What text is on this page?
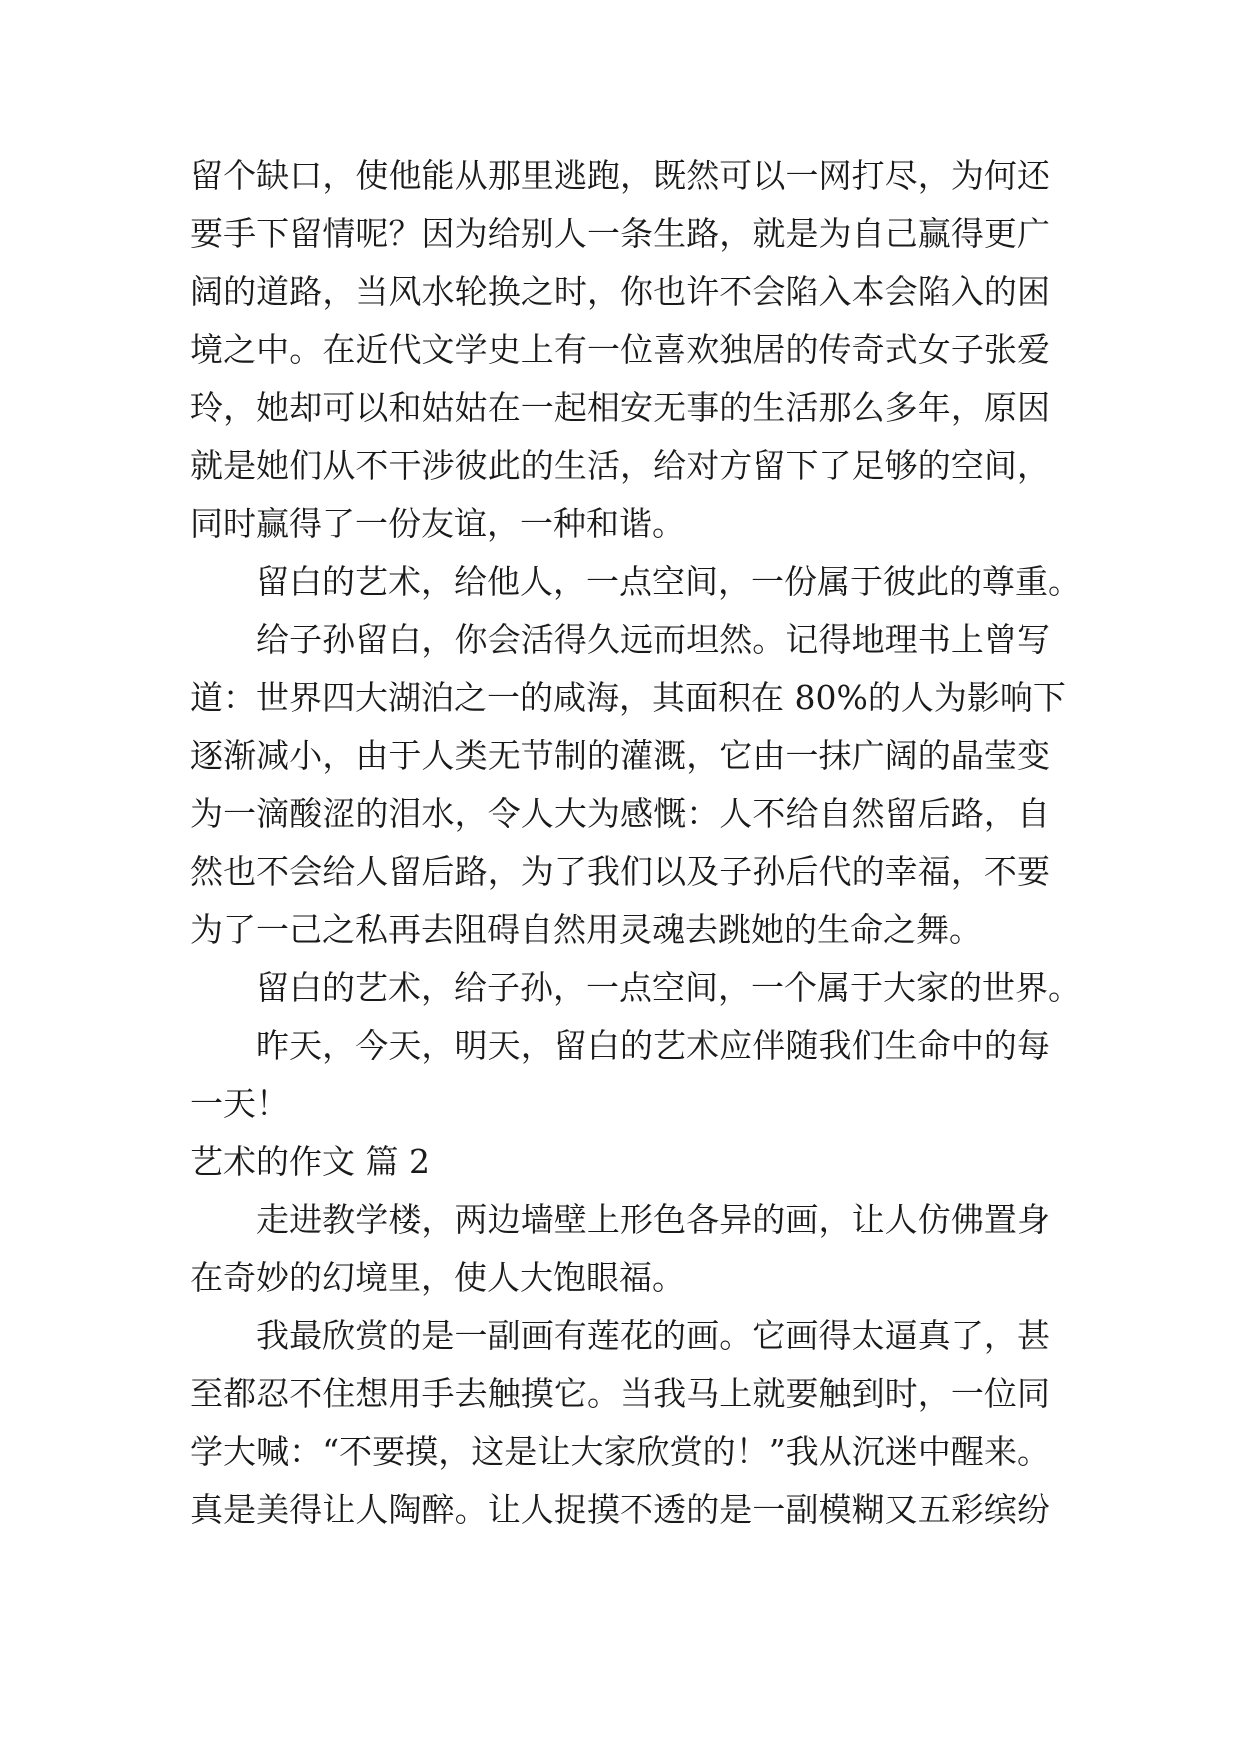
留个缺口，使他能从那里逃跑，既然可以一网打尽，为何还
要手下留情呢？因为给别人一条生路，就是为自己赢得更广
阔的道路，当风水轮换之时，你也许不会陷入本会陷入的困
境之中。在近代文学史上有一位喜欢独居的传奇式女子张爱
玲，她却可以和姑姑在一起相安无事的生活那么多年，原因
就是她们从不干涉彼此的生活，给对方留下了足够的空间，
同时赢得了一份友谊，一种和谐。
留白的艺术，给他人，一点空间，一份属于彼此的尊重。
给子孙留白，你会活得久远而坦然。记得地理书上曾写
道：世界四大湖泊之一的咸海，其面积在 80%的人为影响下
逐渐减小，由于人类无节制的灌溉，它由一抹广阔的晶莹变
为一滴酸涩的泪水，令人大为感慨：人不给自然留后路，自
然也不会给人留后路，为了我们以及子孙后代的幸福，不要
为了一己之私再去阻碍自然用灵魂去跳她的生命之舞。
留白的艺术，给子孙，一点空间，一个属于大家的世界。
昨天，今天，明天，留白的艺术应伴随我们生命中的每
一天！
艺术的作文 篇 2
走进教学楼，两边墙壁上形色各异的画，让人仿佛置身
在奇妙的幻境里，使人大饱眼福。
我最欣赏的是一副画有莲花的画。它画得太逼真了，甚
至都忍不住想用手去触摸它。当我马上就要触到时，一位同
学大喊：“不要摸，这是让大家欣赏的！”我从沉迷中醒来。
真是美得让人陶醉。让人捉摸不透的是一副模糊又五彩缤纷
